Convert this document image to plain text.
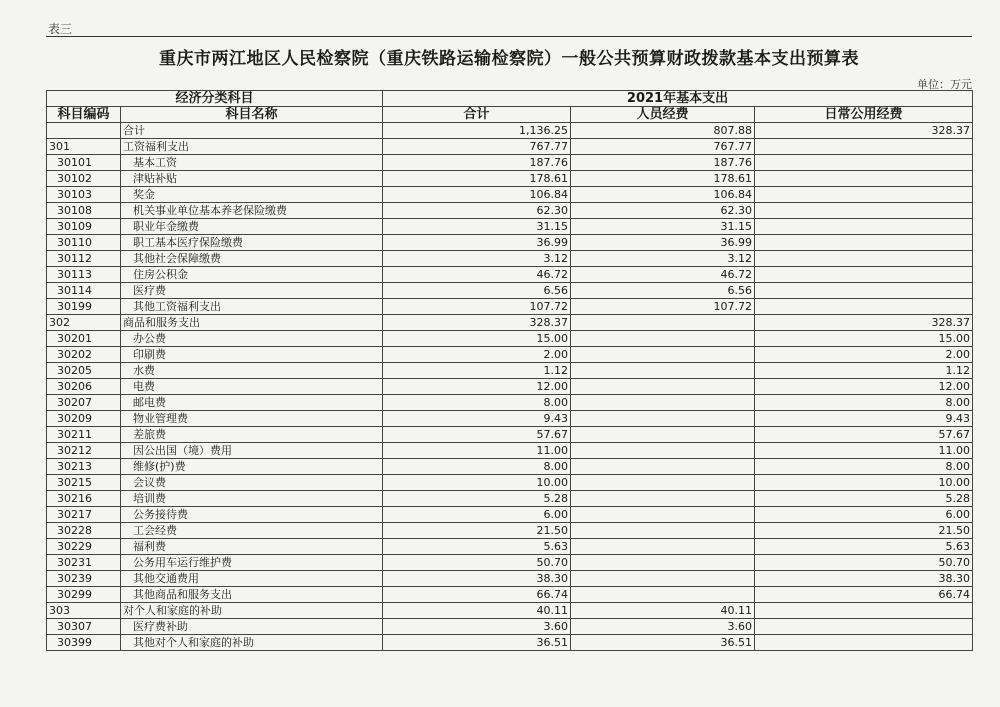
表三
重庆市两江地区人民检察院（重庆铁路运输检察院）一般公共预算财政拨款基本支出预算表
单位：万元
经济分类科目		2021年基本支出		
科目编码	科目名称	合计	人员经费	日常公用经费
	合计	1,136.25	807.88	328.37
301	工资福利支出	767.77	767.77	
30101	基本工资	187.76	187.76	
30102	津贴补贴	178.61	178.61	
30103	奖金	106.84	106.84	
30108	机关事业单位基本养老保险缴费	62.30	62.30	
30109	职业年金缴费	31.15	31.15	
30110	职工基本医疗保险缴费	36.99	36.99	
30112	其他社会保障缴费	3.12	3.12	
30113	住房公积金	46.72	46.72	
30114	医疗费	6.56	6.56	
30199	其他工资福利支出	107.72	107.72	
302	商品和服务支出	328.37		328.37
30201	办公费	15.00		15.00
30202	印刷费	2.00		2.00
30205	水费	1.12		1.12
30206	电费	12.00		12.00
30207	邮电费	8.00		8.00
30209	物业管理费	9.43		9.43
30211	差旅费	57.67		57.67
30212	因公出国（境）费用	11.00		11.00
30213	维修(护)费	8.00		8.00
30215	会议费	10.00		10.00
30216	培训费	5.28		5.28
30217	公务接待费	6.00		6.00
30228	工会经费	21.50		21.50
30229	福利费	5.63		5.63
30231	公务用车运行维护费	50.70		50.70
30239	其他交通费用	38.30		38.30
30299	其他商品和服务支出	66.74		66.74
303	对个人和家庭的补助	40.11	40.11	
30307	医疗费补助	3.60	3.60	
30399	其他对个人和家庭的补助	36.51	36.51	
